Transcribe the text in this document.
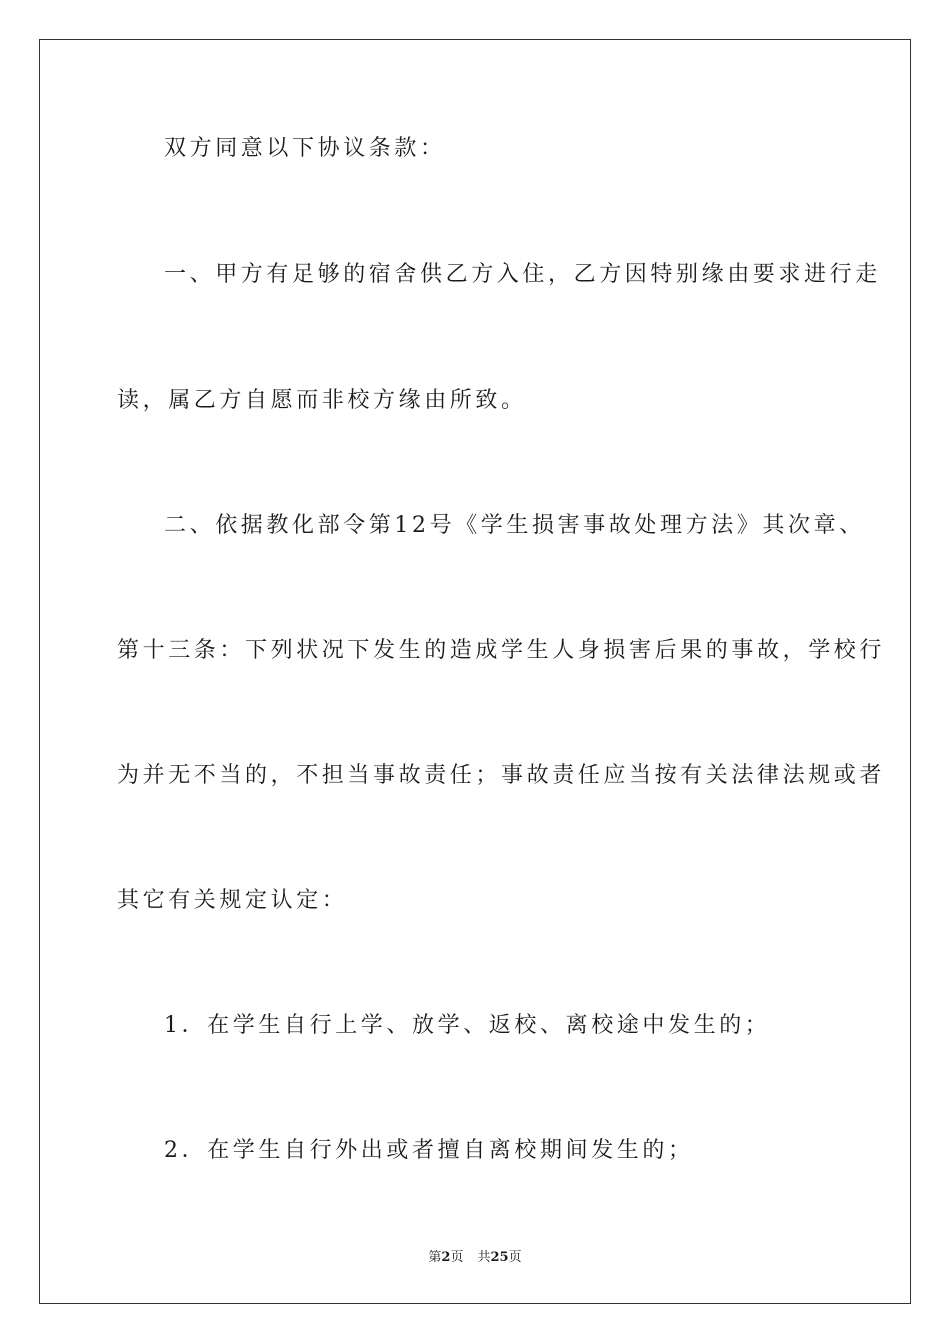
双方同意以下协议条款：
一、甲方有足够的宿舍供乙方入住，乙方因特别缘由要求进行走
读，属乙方自愿而非校方缘由所致。
二、依据教化部令第12号《学生损害事故处理方法》其次章、
第十三条：下列状况下发生的造成学生人身损害后果的事故，学校行
为并无不当的，不担当事故责任；事故责任应当按有关法律法规或者
其它有关规定认定：
1．在学生自行上学、放学、返校、离校途中发生的；
2．在学生自行外出或者擅自离校期间发生的；
第2页 共25页
